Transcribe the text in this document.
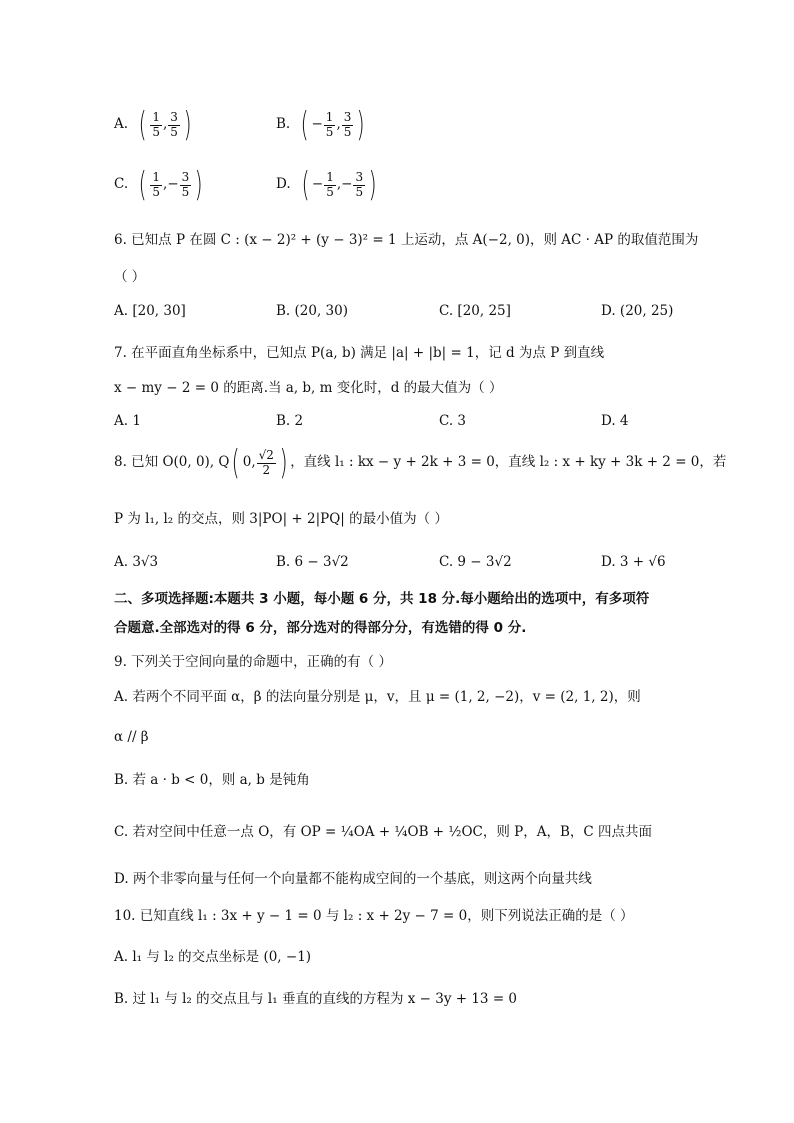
A. ( $\frac{1}{5}$ , $\frac{3}{5}$ )	B. ( − $\frac{1}{5}$ , $\frac{3}{5}$ )
C. ( $\frac{1}{5}$ , − $\frac{3}{5}$ )	D. ( − $\frac{1}{5}$ , − $\frac{3}{5}$ )
6. 已知点 P 在圆 C : (x − 2)² + (y − 3)² = 1 上运动，点 A(−2, 0)，则 AC · AP 的取值范围为
（ ）
A. [20, 30]	B. (20, 30)	C. [20, 25]	D. (20, 25)
7. 在平面直角坐标系中，已知点 P(a, b) 满足 |a| + |b| = 1，记 d 为点 P 到直线
x − my − 2 = 0 的距离.当 a, b, m 变化时，d 的最大值为（ ）
A. 1	B. 2	C. 3	D. 4
8. 已知 O(0, 0), Q ( 0, $\frac{√2}{2}$ ) ，直线 l₁ : kx − y + 2k + 3 = 0，直线 l₂ : x + ky + 3k + 2 = 0，若
P 为 l₁, l₂ 的交点，则 3|PO| + 2|PQ| 的最小值为（ ）
A. 3√3	B. 6 − 3√2	C. 9 − 3√2	D. 3 + √6
二、多项选择题:本题共 3 小题，每小题 6 分，共 18 分.每小题给出的选项中，有多项符
合题意.全部选对的得 6 分，部分选对的得部分分，有选错的得 0 分.
9. 下列关于空间向量的命题中，正确的有（ ）
A. 若两个不同平面 α，β 的法向量分别是 μ，v，且 μ = (1, 2, −2)，v = (2, 1, 2)，则
α // β
B. 若 a · b < 0，则 a, b 是钝角
C. 若对空间中任意一点 O，有 OP = ¼OA + ¼OB + ½OC，则 P，A，B，C 四点共面
D. 两个非零向量与任何一个向量都不能构成空间的一个基底，则这两个向量共线
10. 已知直线 l₁ : 3x + y − 1 = 0 与 l₂ : x + 2y − 7 = 0，则下列说法正确的是（ ）
A. l₁ 与 l₂ 的交点坐标是 (0, −1)
B. 过 l₁ 与 l₂ 的交点且与 l₁ 垂直的直线的方程为 x − 3y + 13 = 0
